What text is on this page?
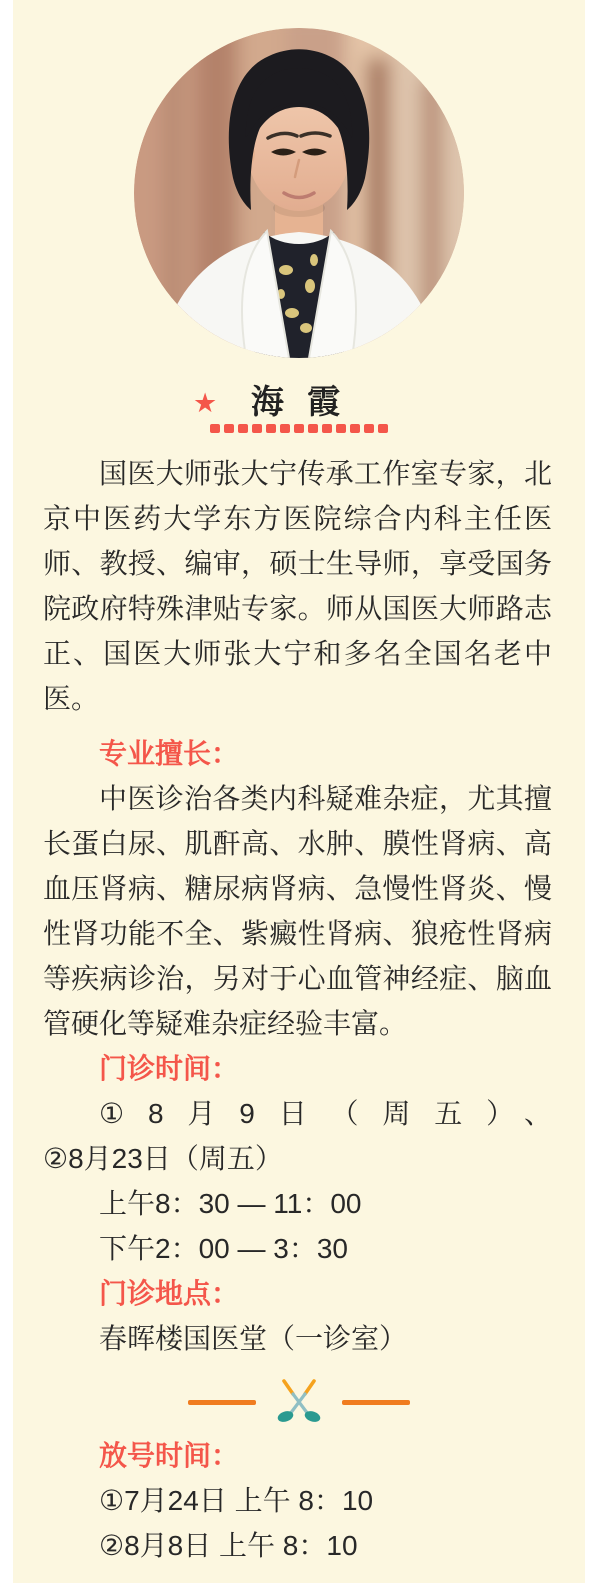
★	海 霞

国医大师张大宁传承工作室专家，北京中医药大学东方医院综合内科主任医师、教授、编审，硕士生导师，享受国务院政府特殊津贴专家。师从国医大师路志正、国医大师张大宁和多名全国名老中医。

专业擅长：

中医诊治各类内科疑难杂症，尤其擅长蛋白尿、肌酐高、水肿、膜性肾病、高血压肾病、糖尿病肾病、急慢性肾炎、慢性肾功能不全、紫癜性肾病、狼疮性肾病等疾病诊治，另对于心血管神经症、脑血管硬化等疑难杂症经验丰富。

门诊时间：

①8月9日（周五）、

②8月23日（周五）

上午8：30 — 11：00

下午2：00 — 3：30

门诊地点：

春晖楼国医堂（一诊室）

放号时间：

①7月24日 上午 8：10

②8月8日 上午 8：10
